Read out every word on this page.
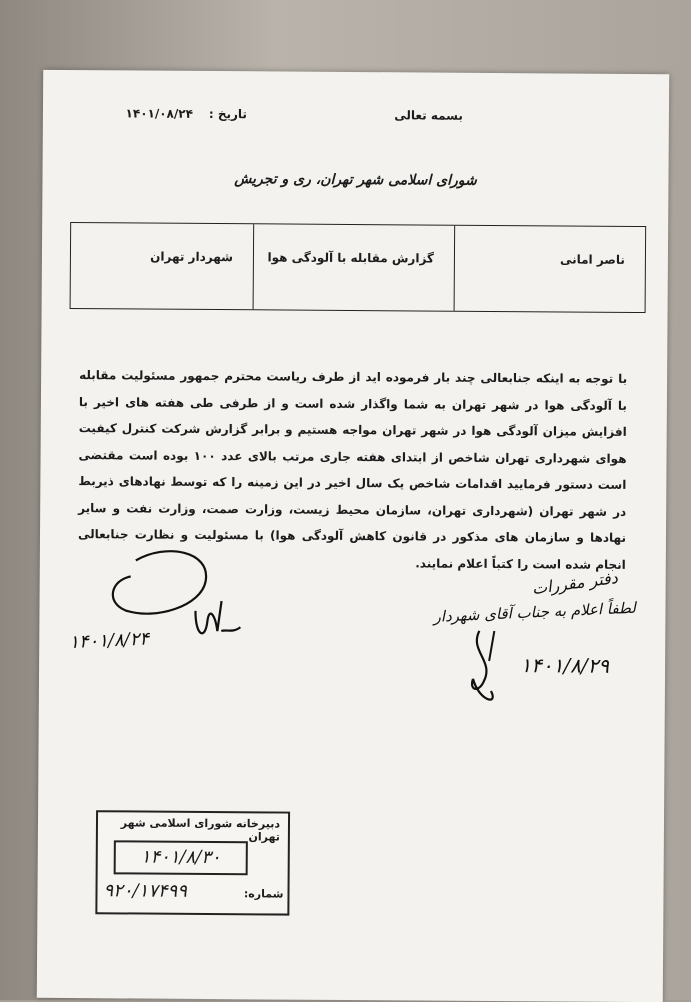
بسمه تعالی
تاریخ :
۱۴۰۱/۰۸/۲۴
شورای اسلامی شهر تهران، ری و تجریش
ناصر امانی
گزارش مقابله با آلودگی هوا
شهردار تهران
با توجه به اینکه جنابعالی چند بار فرموده اید از طرف ریاست محترم جمهور مسئولیت مقابله با آلودگی هوا در شهر تهران به شما واگذار شده است و از طرفی طی هفته های اخیر با افزایش میزان آلودگی هوا در شهر تهران مواجه هستیم و برابر گزارش شرکت کنترل کیفیت هوای شهرداری تهران شاخص از ابتدای هفته جاری مرتب بالای عدد ۱۰۰ بوده است مقتضی است دستور فرمایید اقدامات شاخص یک سال اخیر در این زمینه را که توسط نهادهای ذیربط در شهر تهران (شهرداری تهران، سازمان محیط زیست، وزارت صمت، وزارت نفت و سایر نهادها و سازمان های مذکور در قانون کاهش آلودگی هوا) با مسئولیت و نظارت جنابعالی انجام شده است را کتباً اعلام نمایند.
دفتر مقررات
لطفاً اعلام به جناب آقای شهردار
۱۴۰۱/۸/۲۹
۱۴۰۱/۸/۲۴
دبیرخانه شورای اسلامی شهر تهران
۱۴۰۱/۸/۳۰
شماره:
۹۲۰/۱۷۴۹۹
